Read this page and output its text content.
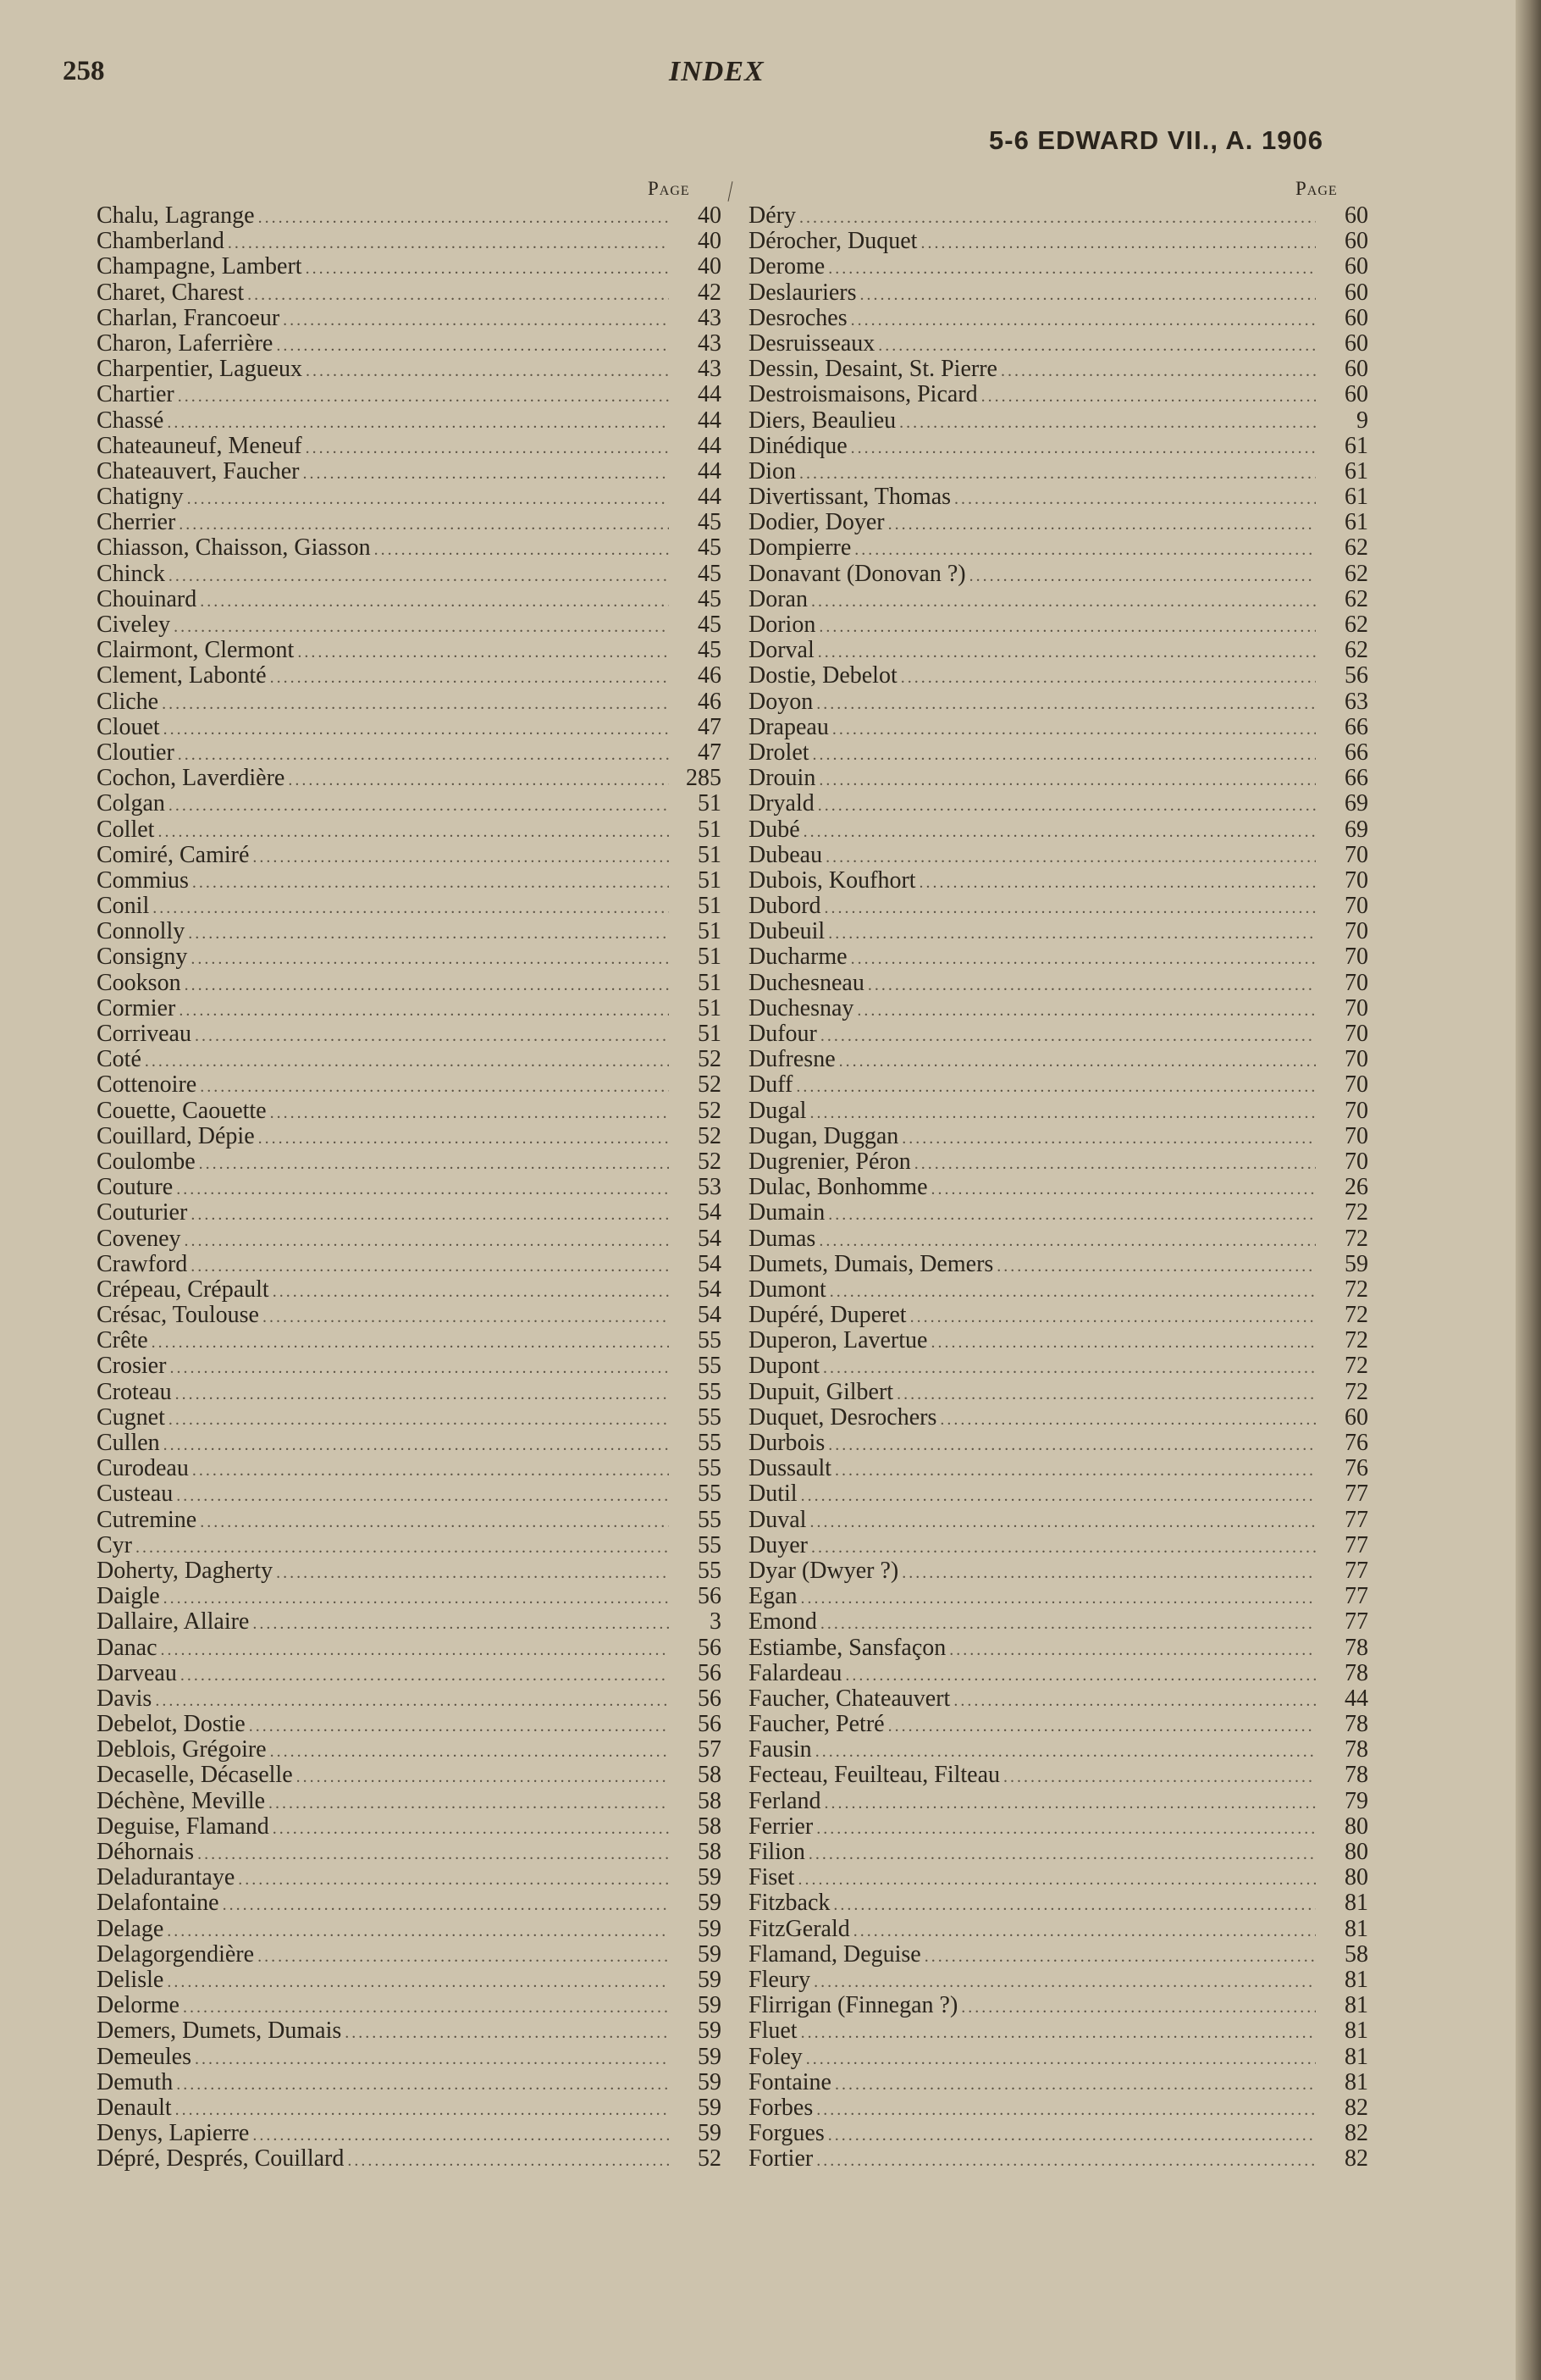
258	INDEX
5-6 EDWARD VII., A. 1906
Page	Page
Chalu, Lagrange .....	40
Chamberland .....	40
Champagne, Lambert .....	40
Charet, Charest .....	42
Charlan, Francoeur .....	43
Charon, Laferrière .....	43
Charpentier, Lagueux .....	43
Chartier .....	44
Chassé .....	44
Chateauneuf, Meneuf .....	44
Chateauvert, Faucher .....	44
Chatigny .....	44
Cherrier .....	45
Chiasson, Chaisson, Giasson .....	45
Chinck .....	45
Chouinard .....	45
Civeley .....	45
Clairmont, Clermont .....	45
Clement, Labonté .....	46
Cliche .....	46
Clouet .....	47
Cloutier .....	47
Cochon, Laverdière .....	285
Colgan .....	51
Collet .....	51
Comiré, Camiré .....	51
Commius .....	51
Conil .....	51
Connolly .....	51
Consigny .....	51
Cookson .....	51
Cormier .....	51
Corriveau .....	51
Coté .....	52
Cottenoire .....	52
Couette, Caouette .....	52
Couillard, Dépie .....	52
Coulombe .....	52
Couture .....	53
Couturier .....	54
Coveney .....	54
Crawford .....	54
Crépeau, Crépault .....	54
Crésac, Toulouse .....	54
Crête .....	55
Crosier .....	55
Croteau .....	55
Cugnet .....	55
Cullen .....	55
Curodeau .....	55
Custeau .....	55
Cutremine .....	55
Cyr .....	55
Doherty, Dagherty .....	55
Daigle .....	56
Dallaire, Allaire .....	3
Danac .....	56
Darveau .....	56
Davis .....	56
Debelot, Dostie .....	56
Deblois, Grégoire .....	57
Decaselle, Décaselle .....	58
Déchène, Meville .....	58
Deguise, Flamand .....	58
Déhornais .....	58
Deladurantaye .....	59
Delafontaine .....	59
Delage .....	59
Delagorgendière .....	59
Delisle .....	59
Delorme .....	59
Demers, Dumets, Dumais .....	59
Demeules .....	59
Demuth .....	59
Denault .....	59
Denys, Lapierre .....	59
Dépré, Després, Couillard .....	52
Déry .....	60
Dérocher, Duquet .....	60
Derome .....	60
Deslauriers .....	60
Desroches .....	60
Desruisseaux .....	60
Dessin, Desaint, St. Pierre .....	60
Destroismaisons, Picard .....	60
Diers, Beaulieu .....	9
Dinédique .....	61
Dion .....	61
Divertissant, Thomas .....	61
Dodier, Doyer .....	61
Dompierre .....	62
Donavant (Donovan ?) .....	62
Doran .....	62
Dorion .....	62
Dorval .....	62
Dostie, Debelot .....	56
Doyon .....	63
Drapeau .....	66
Drolet .....	66
Drouin .....	66
Dryald .....	69
Dubé .....	69
Dubeau .....	70
Dubois, Koufhort .....	70
Dubord .....	70
Dubeuil .....	70
Ducharme .....	70
Duchesneau .....	70
Duchesnay .....	70
Dufour .....	70
Dufresne .....	70
Duff .....	70
Dugal .....	70
Dugan, Duggan .....	70
Dugrenier, Péron .....	70
Dulac, Bonhomme .....	26
Dumain .....	72
Dumas .....	72
Dumets, Dumais, Demers .....	59
Dumont .....	72
Dupéré, Duperet .....	72
Duperon, Lavertue .....	72
Dupont .....	72
Dupuit, Gilbert .....	72
Duquet, Desrochers .....	60
Durbois .....	76
Dussault .....	76
Dutil .....	77
Duval .....	77
Duyer .....	77
Dyar (Dwyer ?) .....	77
Egan .....	77
Emond .....	77
Estiambe, Sansfaçon .....	78
Falardeau .....	78
Faucher, Chateauvert .....	44
Faucher, Petré .....	78
Fausin .....	78
Fecteau, Feuilteau, Filteau .....	78
Ferland .....	79
Ferrier .....	80
Filion .....	80
Fiset .....	80
Fitzback .....	81
FitzGerald .....	81
Flamand, Deguise .....	58
Fleury .....	81
Flirrigan (Finnegan ?) .....	81
Fluet .....	81
Foley .....	81
Fontaine .....	81
Forbes .....	82
Forgues .....	82
Fortier .....	82
